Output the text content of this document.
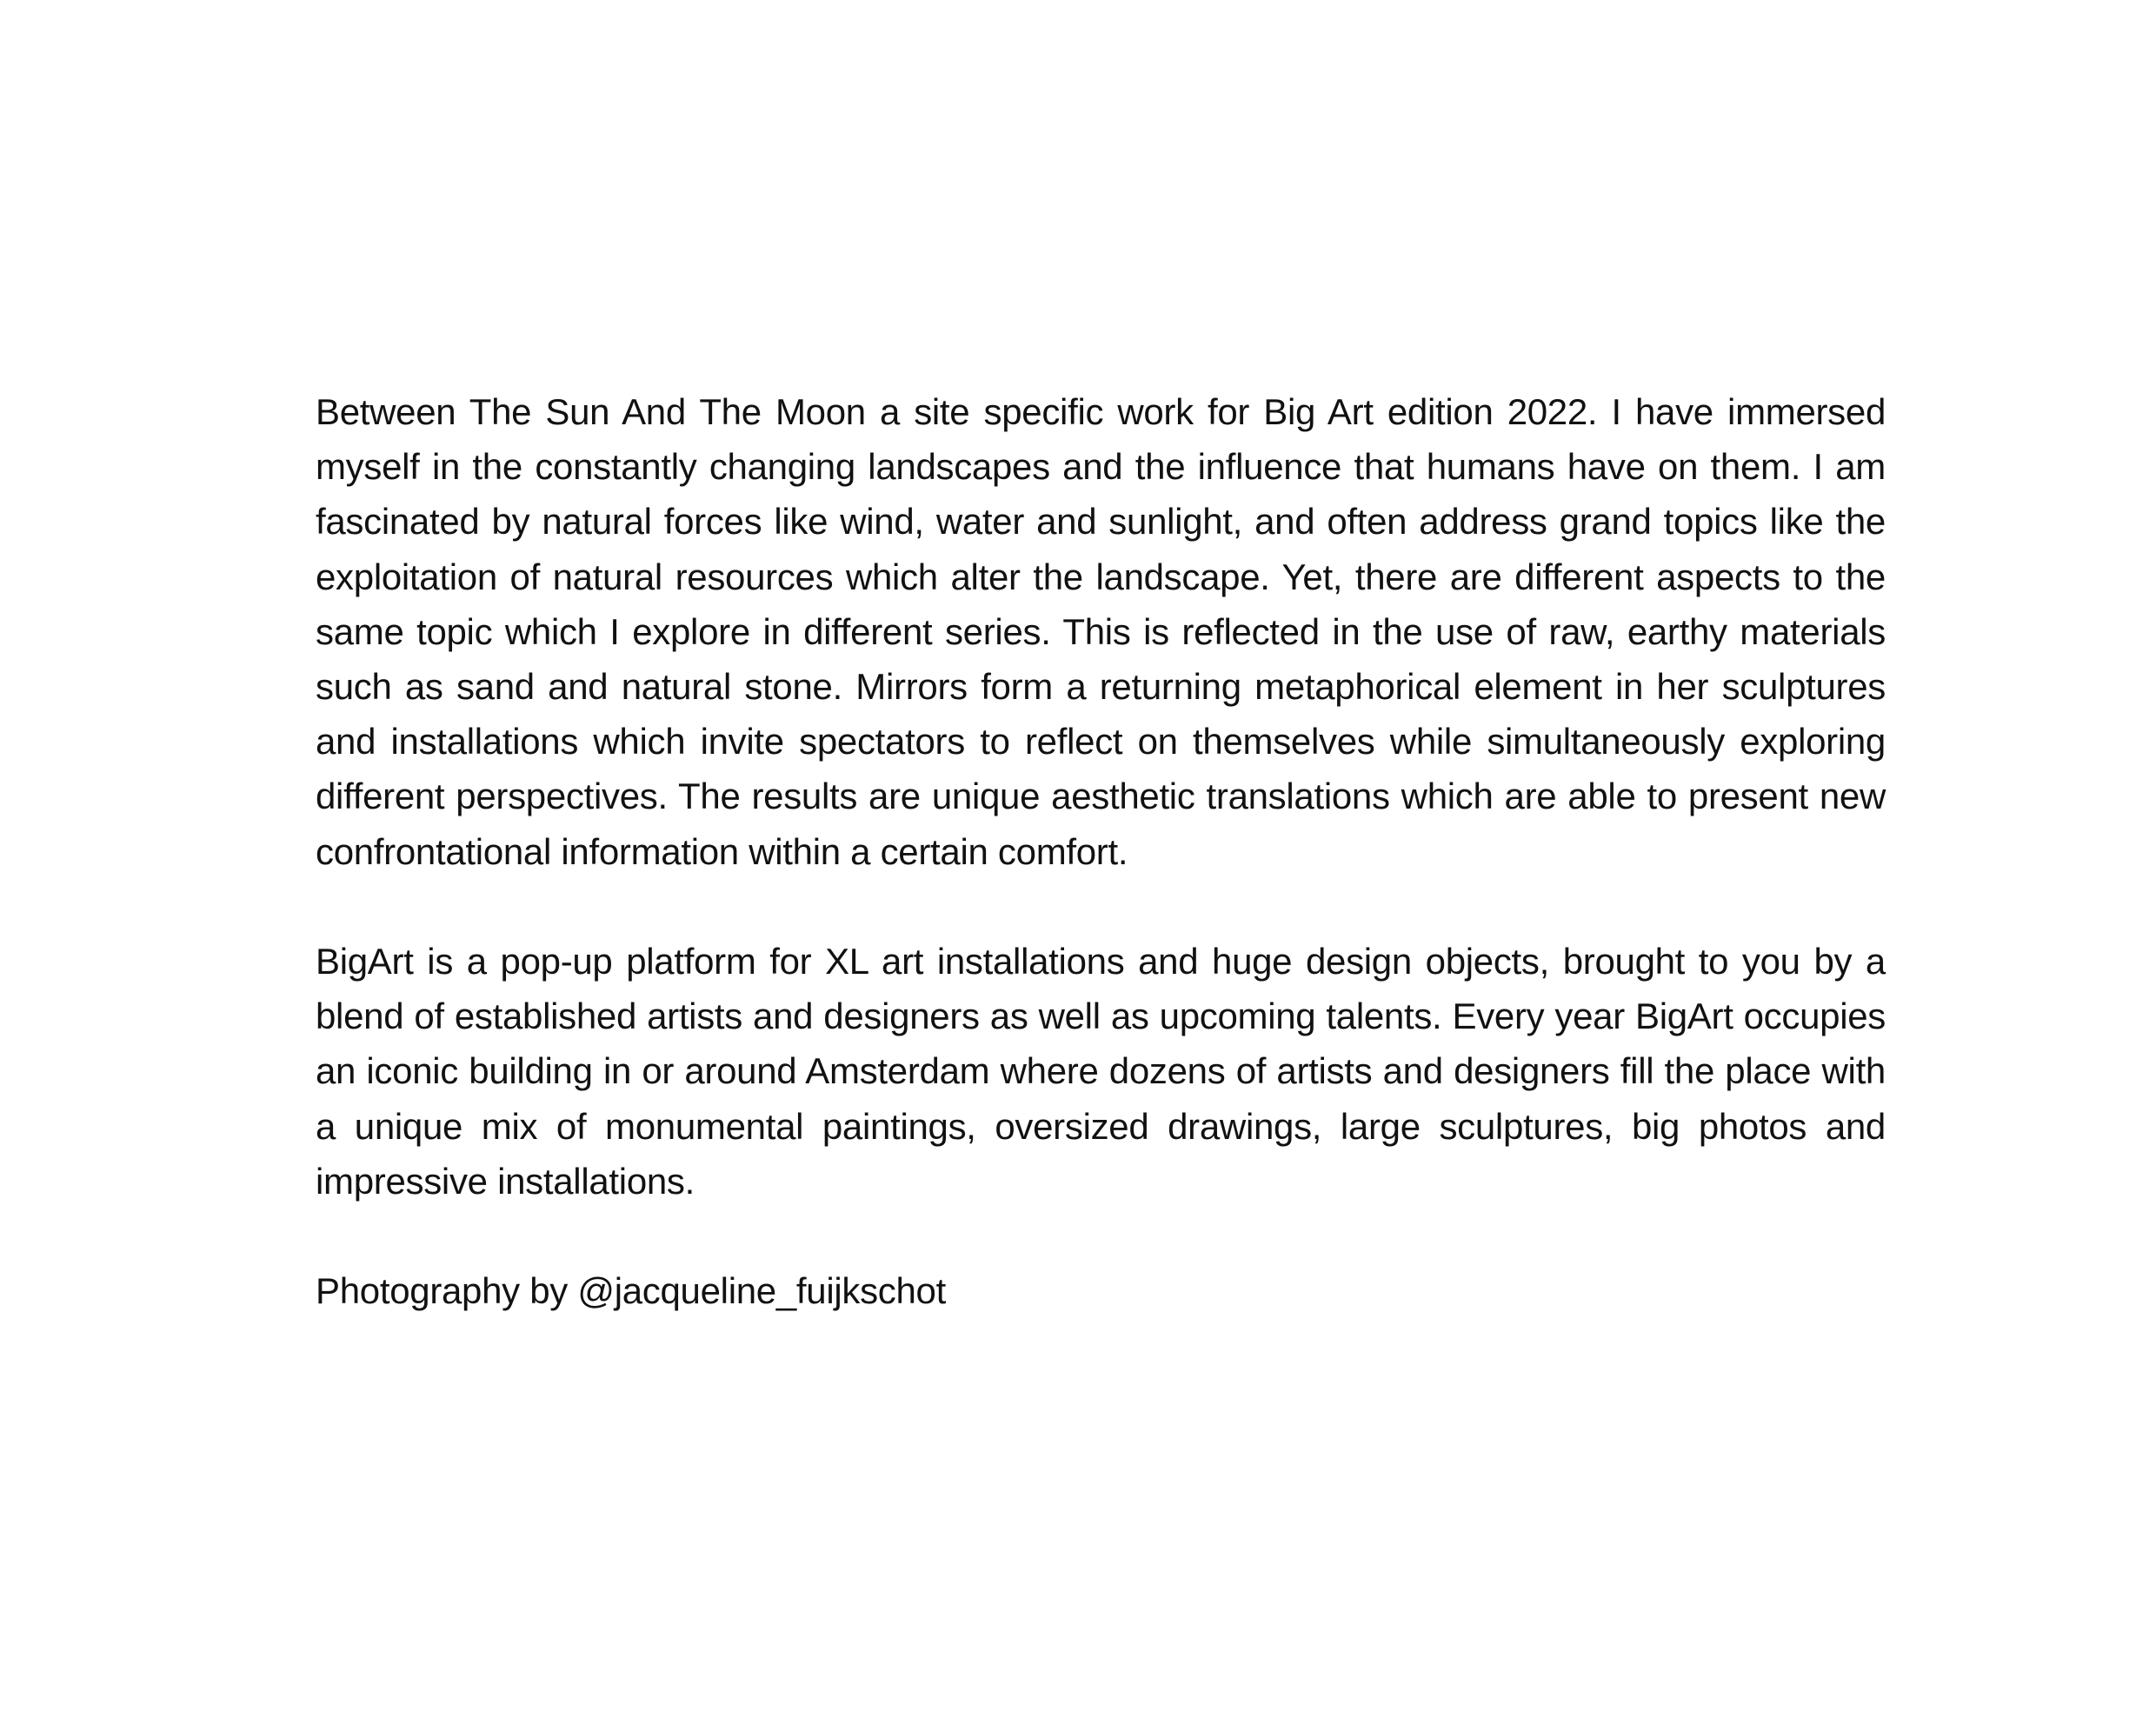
Between The Sun And The Moon a site specific work for Big Art edition 2022. I have immersed myself in the constantly changing landscapes and the influence that humans have on them. I am fascinated by natural forces like wind, water and sunlight, and often address grand topics like the exploitation of natural resources which alter the landscape. Yet, there are different aspects to the same topic which I explore in different series. This is reflected in the use of raw, earthy materials such as sand and natural stone. Mirrors form a returning metaphorical element in her sculptures and installations which invite spectators to reflect on themselves while simultaneously exploring different perspectives. The results are unique aesthetic translations which are able to present new confrontational information within a certain comfort.

BigArt is a pop-up platform for XL art installations and huge design objects, brought to you by a blend of established artists and designers as well as upcoming talents. Every year BigArt occupies an iconic building in or around Amsterdam where dozens of artists and designers fill the place with a unique mix of monumental paintings, oversized drawings, large sculptures, big photos and impressive installations.

Photography by @jacqueline_fuijkschot
